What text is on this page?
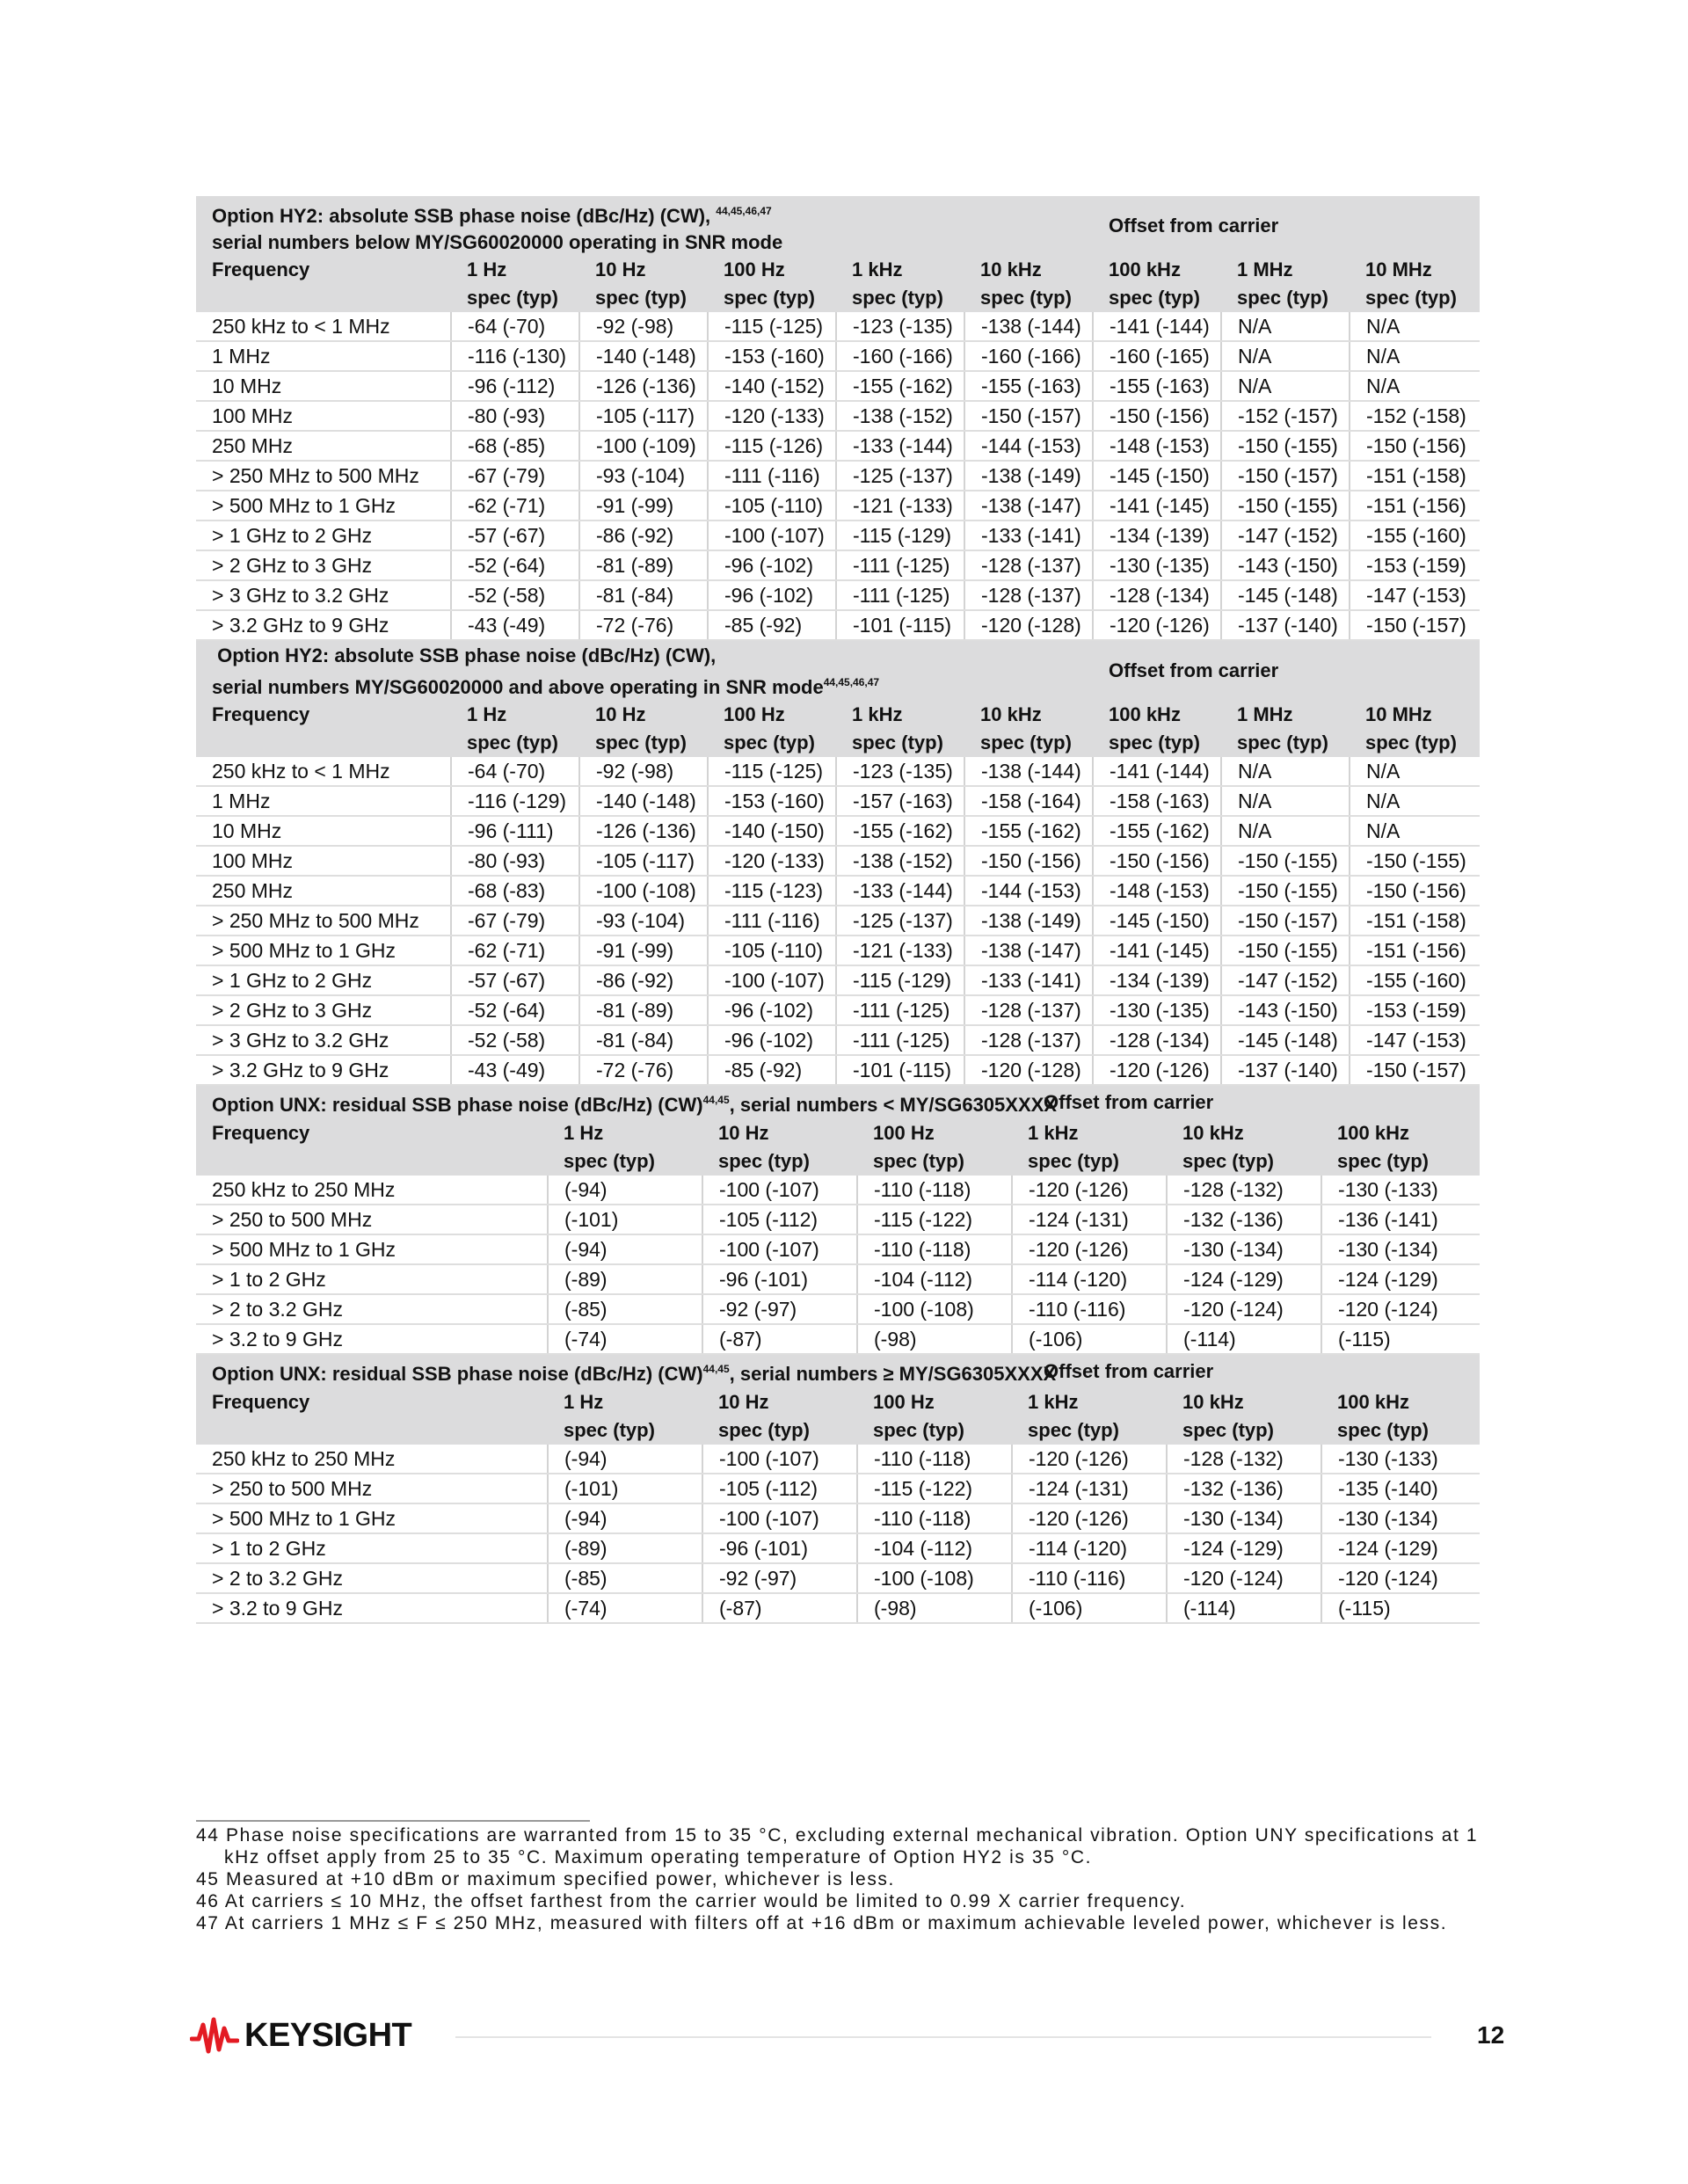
Option HY2: absolute SSB phase noise (dBc/Hz) (CW), $^{44,45,46,47}$
serial numbers below MY/SG60020000 operating in SNR mode						Offset from carrier		
Frequency	1 Hz	10 Hz	100 Hz	1 kHz	10 kHz	100 kHz	1 MHz	10 MHz
	spec (typ)	spec (typ)	spec (typ)	spec (typ)	spec (typ)	spec (typ)	spec (typ)	spec (typ)
250 kHz to < 1 MHz	-64 (-70)	-92 (-98)	-115 (-125)	-123 (-135)	-138 (-144)	-141 (-144)	N/A	N/A
1 MHz	-116 (-130)	-140 (-148)	-153 (-160)	-160 (-166)	-160 (-166)	-160 (-165)	N/A	N/A
10 MHz	-96 (-112)	-126 (-136)	-140 (-152)	-155 (-162)	-155 (-163)	-155 (-163)	N/A	N/A
100 MHz	-80 (-93)	-105 (-117)	-120 (-133)	-138 (-152)	-150 (-157)	-150 (-156)	-152 (-157)	-152 (-158)
250 MHz	-68 (-85)	-100 (-109)	-115 (-126)	-133 (-144)	-144 (-153)	-148 (-153)	-150 (-155)	-150 (-156)
> 250 MHz to 500 MHz	-67 (-79)	-93 (-104)	-111 (-116)	-125 (-137)	-138 (-149)	-145 (-150)	-150 (-157)	-151 (-158)
> 500 MHz to 1 GHz	-62 (-71)	-91 (-99)	-105 (-110)	-121 (-133)	-138 (-147)	-141 (-145)	-150 (-155)	-151 (-156)
> 1 GHz to 2 GHz	-57 (-67)	-86 (-92)	-100 (-107)	-115 (-129)	-133 (-141)	-134 (-139)	-147 (-152)	-155 (-160)
> 2 GHz to 3 GHz	-52 (-64)	-81 (-89)	-96 (-102)	-111 (-125)	-128 (-137)	-130 (-135)	-143 (-150)	-153 (-159)
> 3 GHz to 3.2 GHz	-52 (-58)	-81 (-84)	-96 (-102)	-111 (-125)	-128 (-137)	-128 (-134)	-145 (-148)	-147 (-153)
> 3.2 GHz to 9 GHz	-43 (-49)	-72 (-76)	-85 (-92)	-101 (-115)	-120 (-128)	-120 (-126)	-137 (-140)	-150 (-157)
Option HY2: absolute SSB phase noise (dBc/Hz) (CW),
serial numbers MY/SG60020000 and above operating in SNR mode$^{44,45,46,47}$						Offset from carrier		
Frequency	1 Hz	10 Hz	100 Hz	1 kHz	10 kHz	100 kHz	1 MHz	10 MHz
	spec (typ)	spec (typ)	spec (typ)	spec (typ)	spec (typ)	spec (typ)	spec (typ)	spec (typ)
250 kHz to < 1 MHz	-64 (-70)	-92 (-98)	-115 (-125)	-123 (-135)	-138 (-144)	-141 (-144)	N/A	N/A
1 MHz	-116 (-129)	-140 (-148)	-153 (-160)	-157 (-163)	-158 (-164)	-158 (-163)	N/A	N/A
10 MHz	-96 (-111)	-126 (-136)	-140 (-150)	-155 (-162)	-155 (-162)	-155 (-162)	N/A	N/A
100 MHz	-80 (-93)	-105 (-117)	-120 (-133)	-138 (-152)	-150 (-156)	-150 (-156)	-150 (-155)	-150 (-155)
250 MHz	-68 (-83)	-100 (-108)	-115 (-123)	-133 (-144)	-144 (-153)	-148 (-153)	-150 (-155)	-150 (-156)
> 250 MHz to 500 MHz	-67 (-79)	-93 (-104)	-111 (-116)	-125 (-137)	-138 (-149)	-145 (-150)	-150 (-157)	-151 (-158)
> 500 MHz to 1 GHz	-62 (-71)	-91 (-99)	-105 (-110)	-121 (-133)	-138 (-147)	-141 (-145)	-150 (-155)	-151 (-156)
> 1 GHz to 2 GHz	-57 (-67)	-86 (-92)	-100 (-107)	-115 (-129)	-133 (-141)	-134 (-139)	-147 (-152)	-155 (-160)
> 2 GHz to 3 GHz	-52 (-64)	-81 (-89)	-96 (-102)	-111 (-125)	-128 (-137)	-130 (-135)	-143 (-150)	-153 (-159)
> 3 GHz to 3.2 GHz	-52 (-58)	-81 (-84)	-96 (-102)	-111 (-125)	-128 (-137)	-128 (-134)	-145 (-148)	-147 (-153)
> 3.2 GHz to 9 GHz	-43 (-49)	-72 (-76)	-85 (-92)	-101 (-115)	-120 (-128)	-120 (-126)	-137 (-140)	-150 (-157)
Option UNX: residual SSB phase noise (dBc/Hz) (CW)$^{44,45}$, serial numbers < MY/SG6305XXXX				Offset from carrier		
Frequency	1 Hz	10 Hz	100 Hz	1 kHz	10 kHz	100 kHz
	spec (typ)	spec (typ)	spec (typ)	spec (typ)	spec (typ)	spec (typ)
250 kHz to 250 MHz	(-94)	-100 (-107)	-110 (-118)	-120 (-126)	-128 (-132)	-130 (-133)
> 250 to 500 MHz	(-101)	-105 (-112)	-115 (-122)	-124 (-131)	-132 (-136)	-136 (-141)
> 500 MHz to 1 GHz	(-94)	-100 (-107)	-110 (-118)	-120 (-126)	-130 (-134)	-130 (-134)
> 1 to 2 GHz	(-89)	-96 (-101)	-104 (-112)	-114 (-120)	-124 (-129)	-124 (-129)
> 2 to 3.2 GHz	(-85)	-92 (-97)	-100 (-108)	-110 (-116)	-120 (-124)	-120 (-124)
> 3.2 to 9 GHz	(-74)	(-87)	(-98)	(-106)	(-114)	(-115)
Option UNX: residual SSB phase noise (dBc/Hz) (CW)$^{44,45}$, serial numbers ≥ MY/SG6305XXXX				Offset from carrier		
Frequency	1 Hz	10 Hz	100 Hz	1 kHz	10 kHz	100 kHz
	spec (typ)	spec (typ)	spec (typ)	spec (typ)	spec (typ)	spec (typ)
250 kHz to 250 MHz	(-94)	-100 (-107)	-110 (-118)	-120 (-126)	-128 (-132)	-130 (-133)
> 250 to 500 MHz	(-101)	-105 (-112)	-115 (-122)	-124 (-131)	-132 (-136)	-135 (-140)
> 500 MHz to 1 GHz	(-94)	-100 (-107)	-110 (-118)	-120 (-126)	-130 (-134)	-130 (-134)
> 1 to 2 GHz	(-89)	-96 (-101)	-104 (-112)	-114 (-120)	-124 (-129)	-124 (-129)
> 2 to 3.2 GHz	(-85)	-92 (-97)	-100 (-108)	-110 (-116)	-120 (-124)	-120 (-124)
> 3.2 to 9 GHz	(-74)	(-87)	(-98)	(-106)	(-114)	(-115)

44 Phase noise specifications are warranted from 15 to 35 °C, excluding external mechanical vibration. Option UNY specifications at 1 kHz offset apply from 25 to 35 °C. Maximum operating temperature of Option HY2 is 35 °C.

45 Measured at +10 dBm or maximum specified power, whichever is less.

46 At carriers ≤ 10 MHz, the offset farthest from the carrier would be limited to 0.99 X carrier frequency.

47 At carriers 1 MHz ≤ F ≤ 250 MHz, measured with filters off at +16 dBm or maximum achievable leveled power, whichever is less.

KEYSIGHT	12
